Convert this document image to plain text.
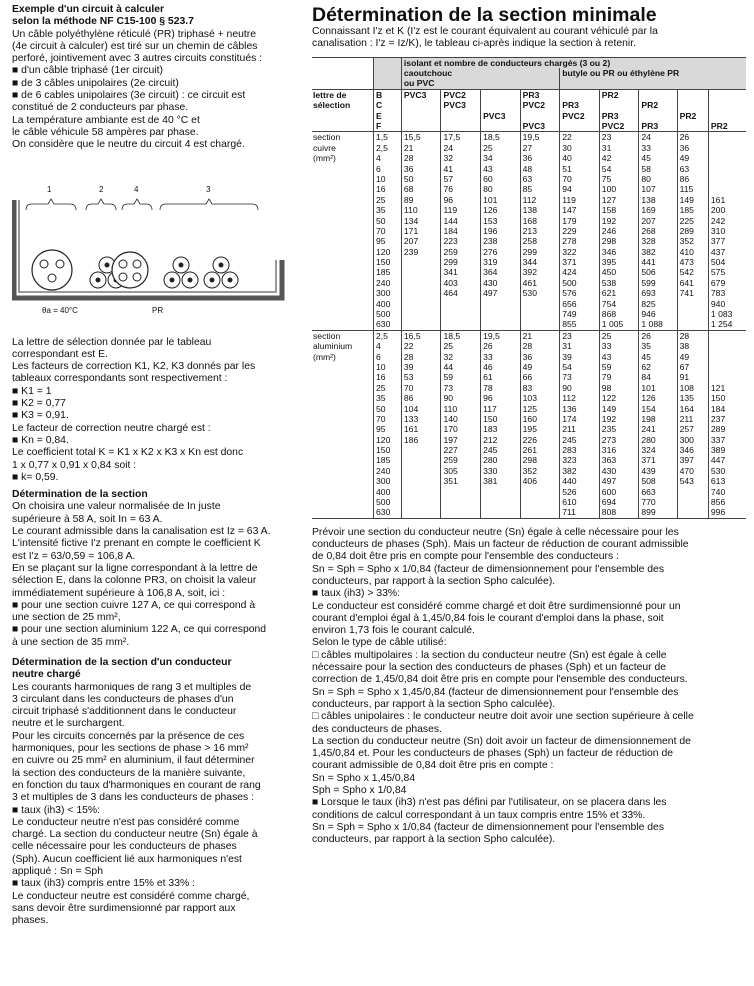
Exemple d'un circuit à calculer

selon la méthode NF C15-100 § 523.7

Un câble polyéthylène réticulé (PR) triphasé + neutre

(4e circuit à calculer) est tiré sur un chemin de câbles

perforé, jointivement avec 3 autres circuits constitués :

■ d'un câble triphasé (1er circuit)

■ de 3 câbles unipolaires (2e circuit)

■ de 6 cables unipolaires (3e circuit) : ce circuit est

constitué de 2 conducteurs par phase.

La température ambiante est de 40 °C et

le câble véhicule 58 ampères par phase.

On considère que le neutre du circuit 4 est chargé.

1	2	4	3
θa = 40°C	PR

La lettre de sélection donnée par le tableau

correspondant est E.

Les facteurs de correction K1, K2, K3 donnés par les

tableaux correspondants sont respectivement :

■ K1 = 1

■ K2 = 0,77

■ K3 = 0,91.

Le facteur de correction neutre chargé est :

■ Kn = 0,84.

Le coefficient total K = K1 x K2 x K3 x Kn est donc

1 x 0,77 x 0,91 x 0,84 soit :

■ k= 0,59.

Détermination de la section

On choisira une valeur normalisée de In juste

supérieure à 58 A, soit In = 63 A.

Le courant admissible dans la canalisation est Iz = 63 A.

L'intensité fictive I'z prenant en compte le coefficient K

est I'z = 63/0,59 = 106,8 A.

En se plaçant sur la ligne correspondant à la lettre de

sélection E, dans la colonne PR3, on choisit la valeur

immédiatement supérieure à 106,8 A, soit, ici :

■ pour une section cuivre 127 A, ce qui correspond à

une section de 25 mm²,

■ pour une section aluminium 122 A, ce qui correspond

à une section de 35 mm².

Détermination de la section d'un conducteur

neutre chargé

Les courants harmoniques de rang 3 et multiples de

3 circulant dans les conducteurs de phases d'un

circuit triphasé s'additionnent dans le conducteur

neutre et le surchargent.

Pour les circuits concernés par la présence de ces

harmoniques, pour les sections de phase > 16 mm²

en cuivre ou 25 mm² en aluminium, il faut déterminer

la section des conducteurs de la manière suivante,

en fonction du taux d'harmoniques en courant de rang

3 et multiples de 3 dans les conducteurs de phases :

■ taux (ih3) < 15%:

Le conducteur neutre n'est pas considéré comme

chargé. La section du conducteur neutre (Sn) égale à

celle nécessaire pour les conducteurs de phases

(Sph). Aucun coefficient lié aux harmoniques n'est

appliqué : Sn = Sph

■ taux (ih3) compris entre 15% et 33% :

Le conducteur neutre est considéré comme chargé,

sans devoir être surdimensionné par rapport aux

phases.

Détermination de la section minimale

Connaissant I'z et K (I'z est le courant équivalent au courant véhiculé par la

canalisation : I'z = Iz/K), le tableau ci-après indique la section à retenir.

		isolant et nombre de conducteurs chargés (3 ou 2)								
		caoutchouc				butyle ou PR ou éthylène PR				
		ou PVC								
lettre de	B	PVC3	PVC2		PR3		PR2			
sélection	C		PVC3		PVC2	PR3		PR2		
	E			PVC3		PVC2	PR3		PR2	
	F				PVC3		PVC2	PR3		PR2
section	1,5	15,5	17,5	18,5	19,5	22	23	24	26	
cuivre	2,5	21	24	25	27	30	31	33	36	
(mm²)	4	28	32	34	36	40	42	45	49	
	6	36	41	43	48	51	54	58	63	
	10	50	57	60	63	70	75	80	86	
	16	68	76	80	85	94	100	107	115	
	25	89	96	101	112	119	127	138	149	161
	35	110	119	126	138	147	158	169	185	200
	50	134	144	153	168	179	192	207	225	242
	70	171	184	196	213	229	246	268	289	310
	95	207	223	238	258	278	298	328	352	377
	120	239	259	276	299	322	346	382	410	437
	150		299	319	344	371	395	441	473	504
	185		341	364	392	424	450	506	542	575
	240		403	430	461	500	538	599	641	679
	300		464	497	530	576	621	693	741	783
	400					656	754	825		940
	500					749	868	946		1 083
	630					855	1 005	1 088		1 254
section	2,5	16,5	18,5	19,5	21	23	25	26	28	
aluminium	4	22	25	26	28	31	33	35	38	
(mm²)	6	28	32	33	36	39	43	45	49	
	10	39	44	46	49	54	59	62	67	
	16	53	59	61	66	73	79	84	91	
	25	70	73	78	83	90	98	101	108	121
	35	86	90	96	103	112	122	126	135	150
	50	104	110	117	125	136	149	154	164	184
	70	133	140	150	160	174	192	198	211	237
	95	161	170	183	195	211	235	241	257	289
	120	186	197	212	226	245	273	280	300	337
	150		227	245	261	283	316	324	346	389
	185		259	280	298	323	363	371	397	447
	240		305	330	352	382	430	439	470	530
	300		351	381	406	440	497	508	543	613
	400					526	600	663		740
	500					610	694	770		856
	630					711	808	899		996

Prévoir une section du conducteur neutre (Sn) égale à celle nécessaire pour les

conducteurs de phases (Sph). Mais un facteur de réduction de courant admissible

de 0,84 doit être pris en compte pour l'ensemble des conducteurs :

Sn = Sph = Spho x 1/0,84 (facteur de dimensionnement pour l'ensemble des

conducteurs, par rapport à la section Spho calculée).

■ taux (ih3) > 33%:

Le conducteur est considéré comme chargé et doit être surdimensionné pour un

courant d'emploi égal à 1,45/0,84 fois le courant d'emploi dans la phase, soit

environ 1,73 fois le courant calculé.

Selon le type de câble utilisé:

□ câbles multipolaires : la section du conducteur neutre (Sn) est égale à celle

nécessaire pour la section des conducteurs de phases (Sph) et un facteur de

correction de 1,45/0,84 doit être pris en compte pour l'ensemble des conducteurs.

Sn = Sph = Spho x 1,45/0,84 (facteur de dimensionnement pour l'ensemble des

conducteurs, par rapport à la section Spho calculée).

□ câbles unipolaires : le conducteur neutre doit avoir une section supérieure à celle

des conducteurs de phases.

La section du conducteur neutre (Sn) doit avoir un facteur de dimensionnement de

1,45/0,84 et. Pour les conducteurs de phases (Sph) un facteur de réduction de

courant admissible de 0,84 doit être pris en compte :

Sn = Spho x 1,45/0,84

Sph = Spho x 1/0,84

■ Lorsque le taux (ih3) n'est pas défini par l'utilisateur, on se placera dans les

conditions de calcul correspondant à un taux compris entre 15% et 33%.

Sn = Sph = Spho x 1/0,84 (facteur de dimensionnement pour l'ensemble des

conducteurs, par rapport à la section Spho calculée).
